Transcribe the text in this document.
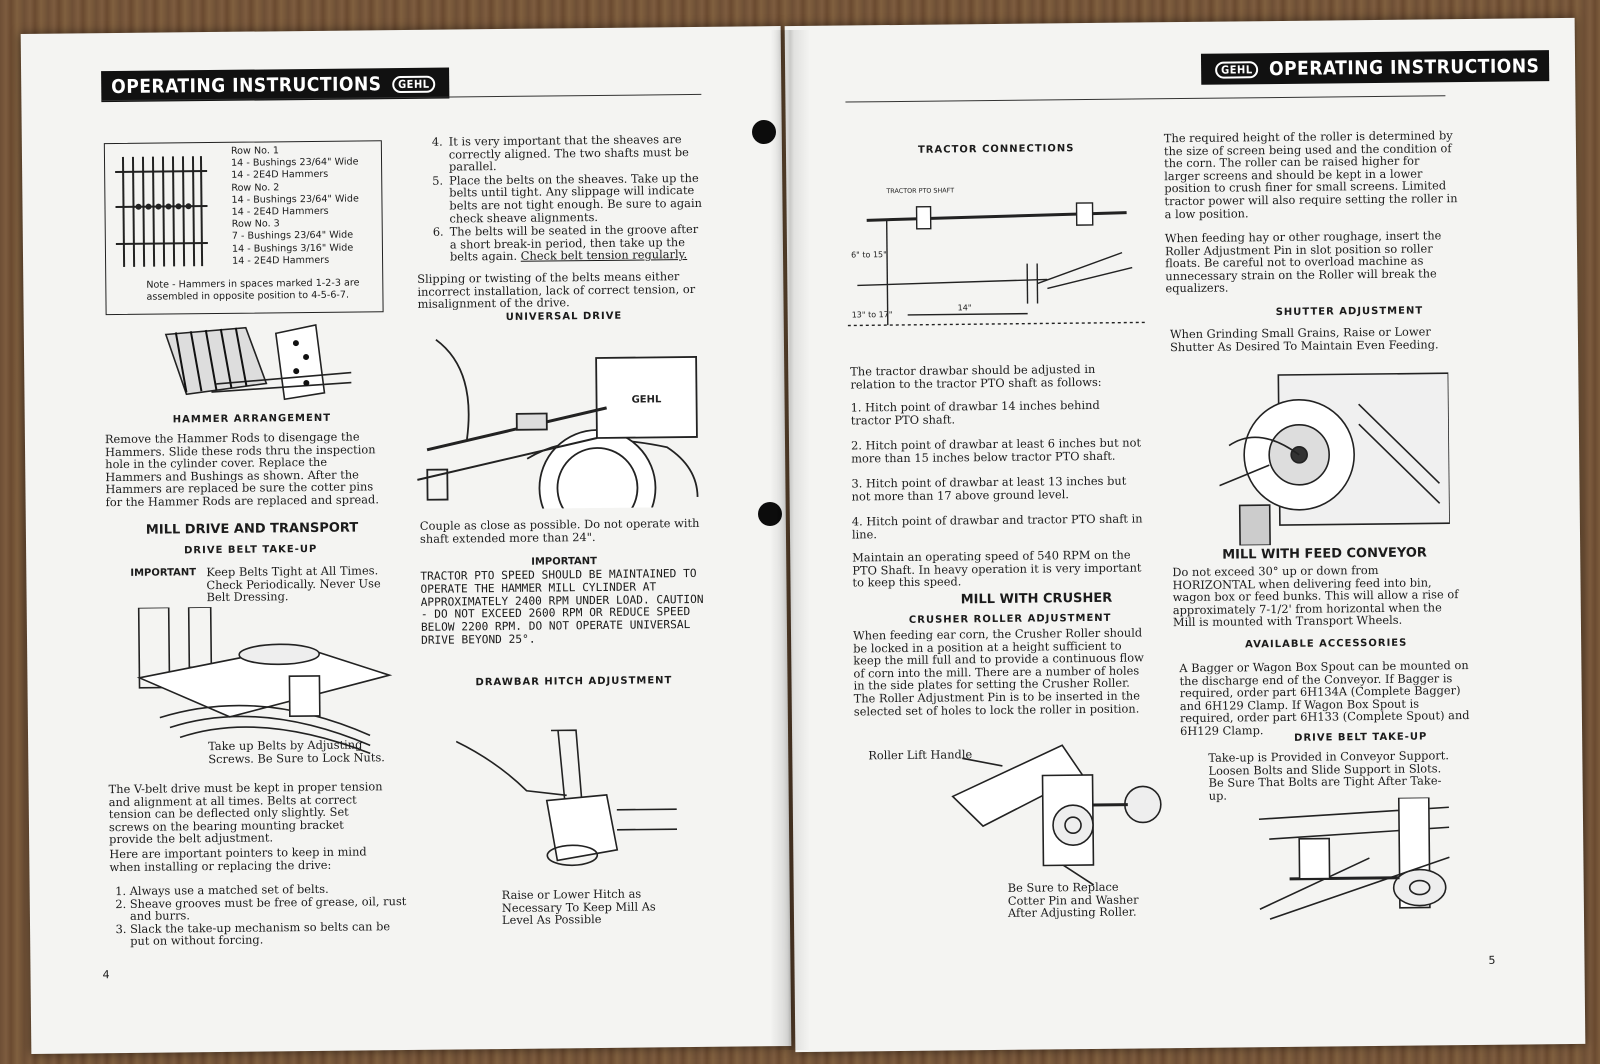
OPERATING INSTRUCTIONS GEHL
Row No. 1
14 - Bushings 23/64" Wide
14 - 2E4D Hammers
Row No. 2
14 - Bushings 23/64" Wide
14 - 2E4D Hammers
Row No. 3
7 - Bushings 23/64" Wide
14 - Bushings 3/16" Wide
14 - 2E4D Hammers
Note - Hammers in spaces marked 1-2-3 are assembled in opposite position to 4-5-6-7.
HAMMER ARRANGEMENT
Remove the Hammer Rods to disengage the Hammers. Slide these rods thru the inspection hole in the cylinder cover. Replace the Hammers and Bushings as shown. After the Hammers are replaced be sure the cotter pins for the Hammer Rods are replaced and spread.
MILL DRIVE AND TRANSPORT
DRIVE BELT TAKE-UP
IMPORTANT Keep Belts Tight at All Times. Check Periodically. Never Use Belt Dressing.
Take up Belts by Adjusting Screws. Be Sure to Lock Nuts.
The V-belt drive must be kept in proper tension and alignment at all times. Belts at correct tension can be deflected only slightly. Set screws on the bearing mounting bracket provide the belt adjustment.
Here are important pointers to keep in mind when installing or replacing the drive:
1. Always use a matched set of belts.
2. Sheave grooves must be free of grease, oil, rust and burrs.
3. Slack the take-up mechanism so belts can be put on without forcing.
4. It is very important that the sheaves are correctly aligned. The two shafts must be parallel.
5. Place the belts on the sheaves. Take up the belts until tight. Any slippage will indicate belts are not tight enough. Be sure to again check sheave alignments.
6. The belts will be seated in the groove after a short break-in period, then take up the belts again. Check belt tension regularly.
Slipping or twisting of the belts means either incorrect installation, lack of correct tension, or misalignment of the drive.
UNIVERSAL DRIVE
GEHL
Couple as close as possible. Do not operate with shaft extended more than 24".
IMPORTANT
TRACTOR PTO SPEED SHOULD BE MAINTAINED TO OPERATE THE HAMMER MILL CYLINDER AT APPROXIMATELY 2400 RPM UNDER LOAD. CAUTION - DO NOT EXCEED 2600 RPM OR REDUCE SPEED BELOW 2200 RPM. DO NOT OPERATE UNIVERSAL DRIVE BEYOND 25°.
DRAWBAR HITCH ADJUSTMENT
Raise or Lower Hitch as Necessary To Keep Mill As Level As Possible
4
GEHL OPERATING INSTRUCTIONS
TRACTOR CONNECTIONS
TRACTOR PTO SHAFT
6" to 15"
13" to 17"
14"
The tractor drawbar should be adjusted in relation to the tractor PTO shaft as follows:
1. Hitch point of drawbar 14 inches behind tractor PTO shaft.
2. Hitch point of drawbar at least 6 inches but not more than 15 inches below tractor PTO shaft.
3. Hitch point of drawbar at least 13 inches but not more than 17 above ground level.
4. Hitch point of drawbar and tractor PTO shaft in line.
Maintain an operating speed of 540 RPM on the PTO Shaft. In heavy operation it is very important to keep this speed.
MILL WITH CRUSHER
CRUSHER ROLLER ADJUSTMENT
When feeding ear corn, the Crusher Roller should be locked in a position at a height sufficient to keep the mill full and to provide a continuous flow of corn into the mill. There are a number of holes in the side plates for setting the Crusher Roller. The Roller Adjustment Pin is to be inserted in the selected set of holes to lock the roller in position.
Roller Lift Handle
Be Sure to Replace Cotter Pin and Washer After Adjusting Roller.
The required height of the roller is determined by the size of screen being used and the condition of the corn. The roller can be raised higher for larger screens and should be kept in a lower position to crush finer for small screens. Limited tractor power will also require setting the roller in a low position.
When feeding hay or other roughage, insert the Roller Adjustment Pin in slot position so roller floats. Be careful not to overload machine as unnecessary strain on the Roller will break the equalizers.
SHUTTER ADJUSTMENT
When Grinding Small Grains, Raise or Lower Shutter As Desired To Maintain Even Feeding.
MILL WITH FEED CONVEYOR
Do not exceed 30° up or down from HORIZONTAL when delivering feed into bin, wagon box or feed bunks. This will allow a rise of approximately 7-1/2' from horizontal when the Mill is mounted with Transport Wheels.
AVAILABLE ACCESSORIES
A Bagger or Wagon Box Spout can be mounted on the discharge end of the Conveyor. If Bagger is required, order part 6H134A (Complete Bagger) and 6H129 Clamp. If Wagon Box Spout is required, order part 6H133 (Complete Spout) and 6H129 Clamp.	DRIVE BELT TAKE-UP
Take-up is Provided in Conveyor Support. Loosen Bolts and Slide Support in Slots. Be Sure That Bolts are Tight After Take-up.
5
